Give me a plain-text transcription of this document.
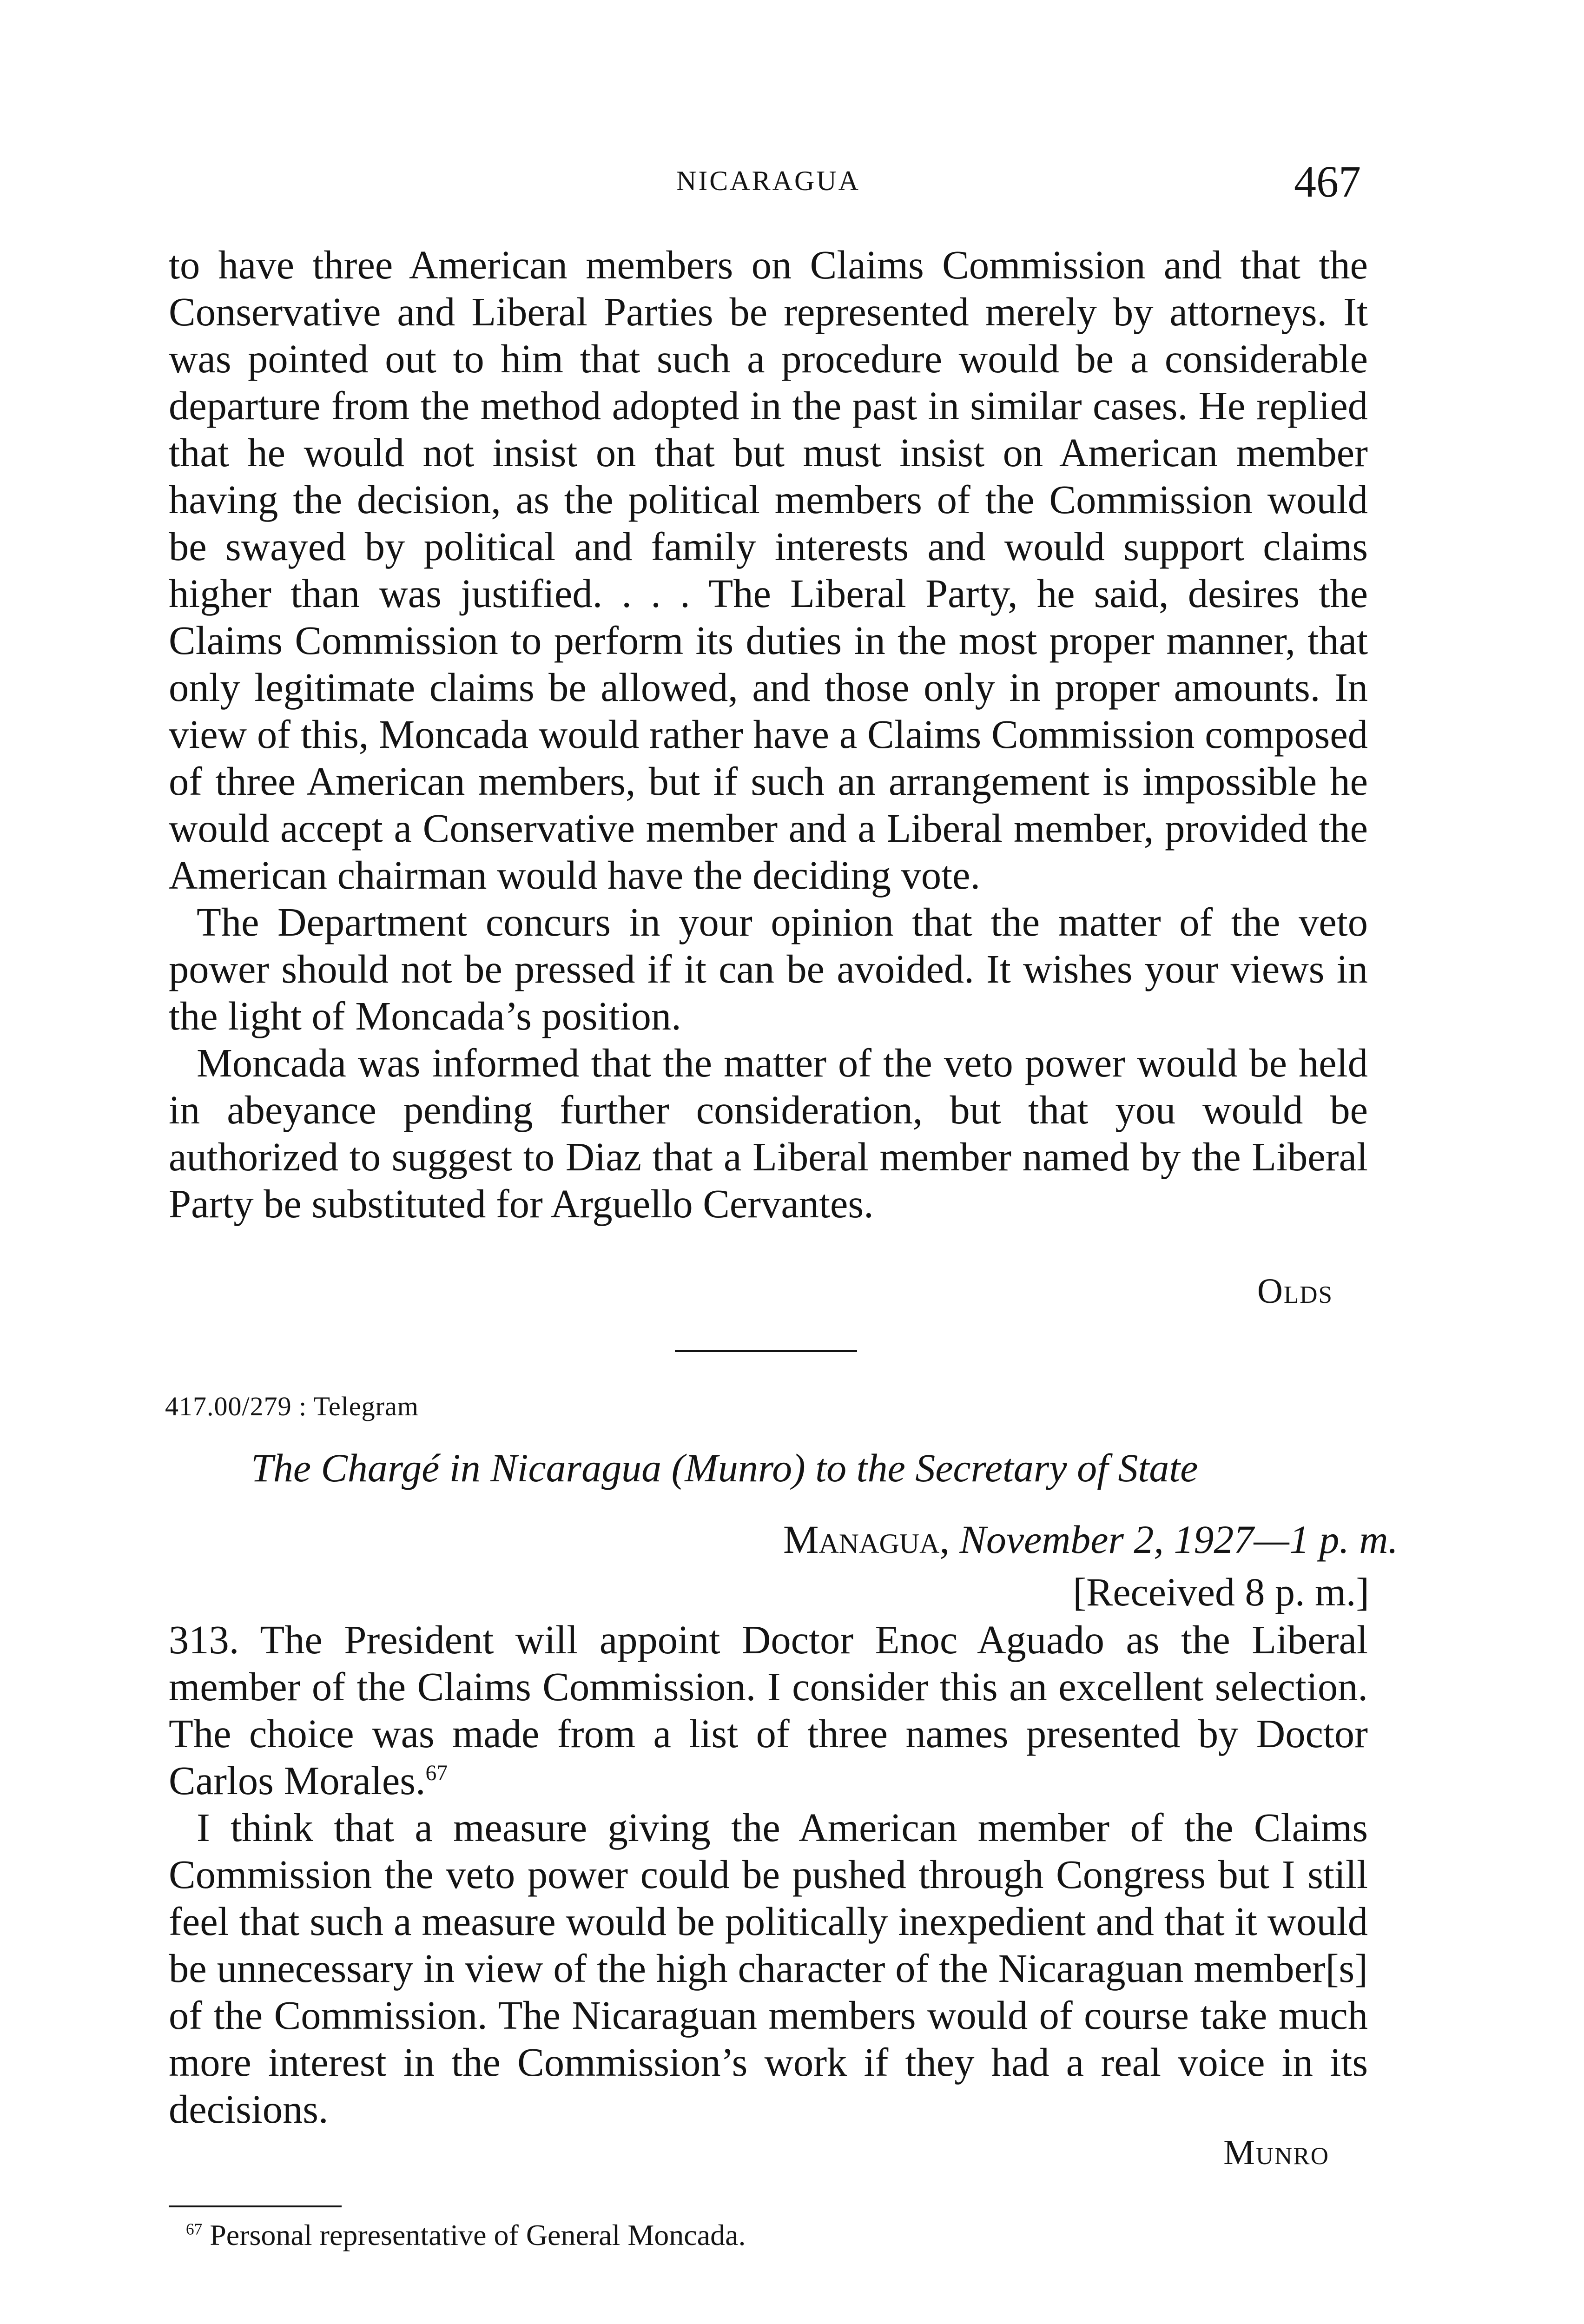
NICARAGUA	467

to have three American members on Claims Commission and that the Conservative and Liberal Parties be represented merely by attorneys. It was pointed out to him that such a procedure would be a considerable departure from the method adopted in the past in similar cases. He replied that he would not insist on that but must insist on American member having the decision, as the political members of the Commission would be swayed by political and family interests and would support claims higher than was justified. . . . The Liberal Party, he said, desires the Claims Commission to perform its duties in the most proper manner, that only legitimate claims be allowed, and those only in proper amounts. In view of this, Moncada would rather have a Claims Commission composed of three American members, but if such an arrangement is impossible he would accept a Conservative member and a Liberal member, provided the American chairman would have the deciding vote.

The Department concurs in your opinion that the matter of the veto power should not be pressed if it can be avoided. It wishes your views in the light of Moncada’s position.

Moncada was informed that the matter of the veto power would be held in abeyance pending further consideration, but that you would be authorized to suggest to Diaz that a Liberal member named by the Liberal Party be substituted for Arguello Cervantes.

Olds
417.00/279 : Telegram
The Chargé in Nicaragua (Munro) to the Secretary of State
Managua, November 2, 1927—1 p. m.
[Received 8 p. m.]

313. The President will appoint Doctor Enoc Aguado as the Liberal member of the Claims Commission. I consider this an excellent selection. The choice was made from a list of three names presented by Doctor Carlos Morales.$^{67}$

I think that a measure giving the American member of the Claims Commission the veto power could be pushed through Congress but I still feel that such a measure would be politically inexpedient and that it would be unnecessary in view of the high character of the Nicaraguan member[s] of the Commission. The Nicaraguan members would of course take much more interest in the Commission’s work if they had a real voice in its decisions.

Munro
$^{67}$ Personal representative of General Moncada.
